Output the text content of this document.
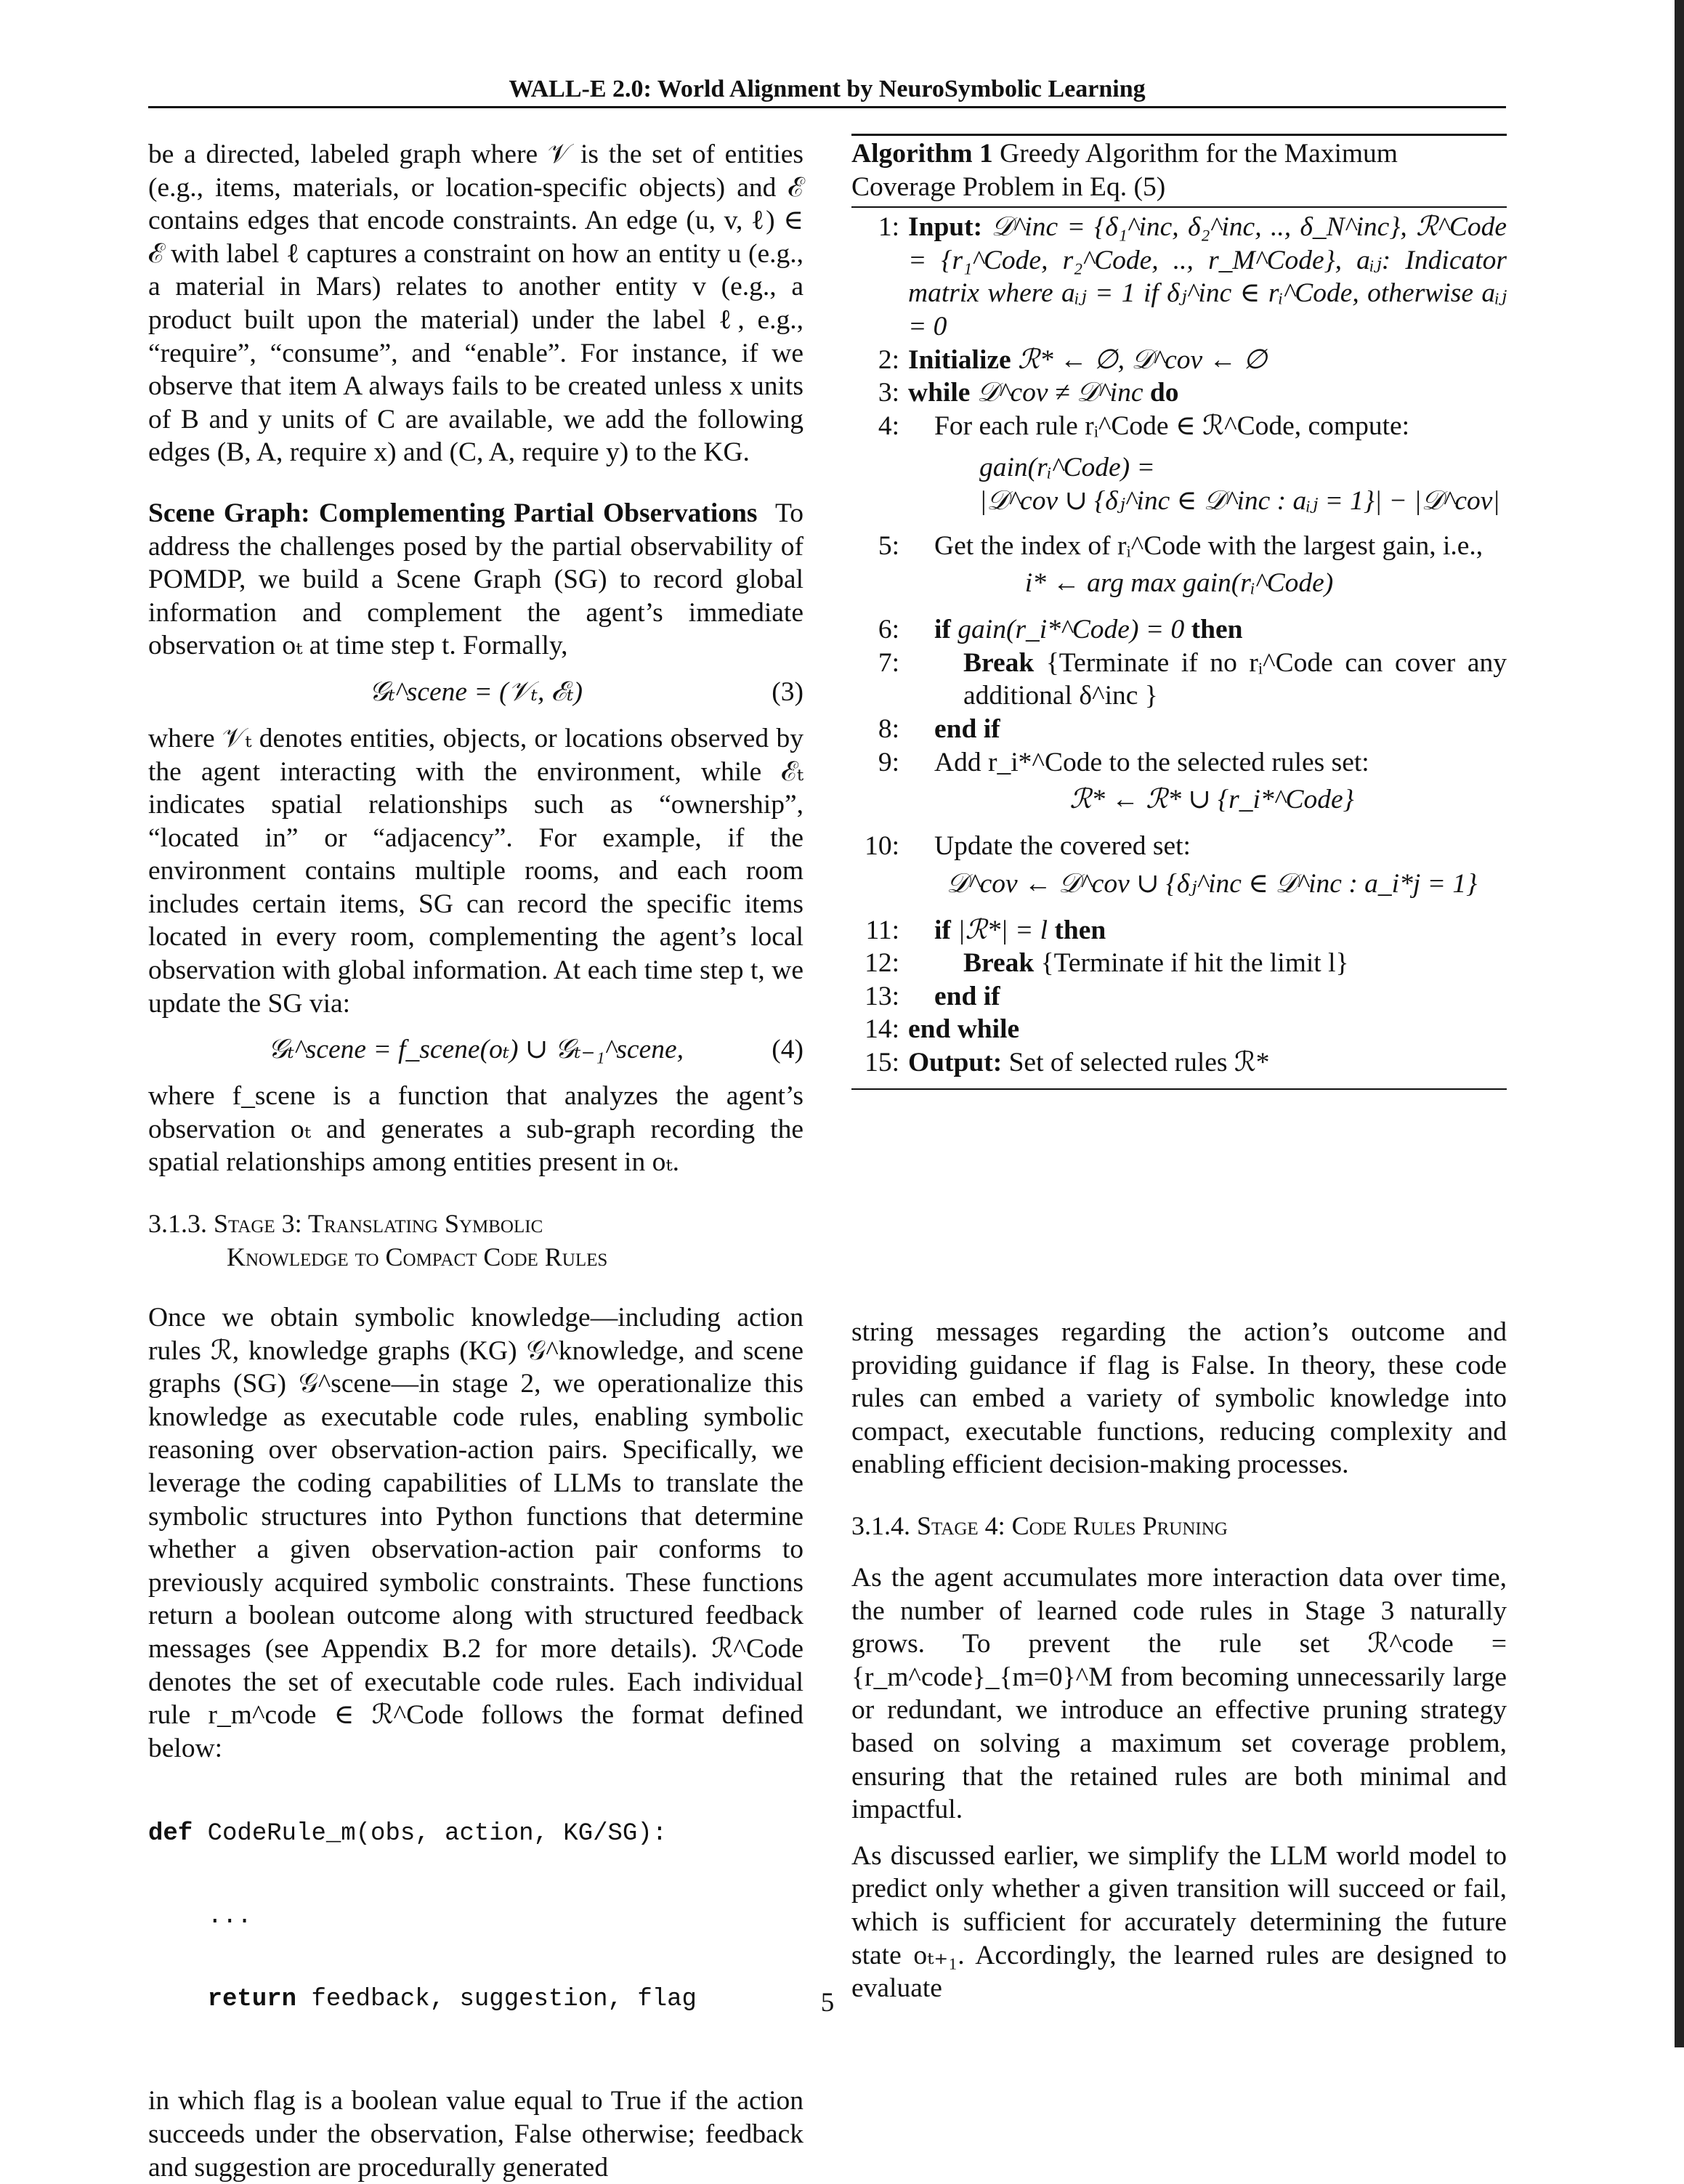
WALL-E 2.0: World Alignment by NeuroSymbolic Learning

be a directed, labeled graph where 𝒱 is the set of entities (e.g., items, materials, or location-specific objects) and ℰ contains edges that encode constraints. An edge (u, v, ℓ) ∈ ℰ with label ℓ captures a constraint on how an entity u (e.g., a material in Mars) relates to another entity v (e.g., a product built upon the material) under the label ℓ, e.g., “require”, “consume”, and “enable”. For instance, if we observe that item A always fails to be created unless x units of B and y units of C are available, we add the following edges (B, A, require x) and (C, A, require y) to the KG.

Scene Graph: Complementing Partial Observations To address the challenges posed by the partial observability of POMDP, we build a Scene Graph (SG) to record global information and complement the agent’s immediate observation oₜ at time step t. Formally,

𝒢ₜ^scene = (𝒱ₜ, ℰₜ)	(3)

where 𝒱ₜ denotes entities, objects, or locations observed by the agent interacting with the environment, while ℰₜ indicates spatial relationships such as “ownership”, “located in” or “adjacency”. For example, if the environment contains multiple rooms, and each room includes certain items, SG can record the specific items located in every room, complementing the agent’s local observation with global information. At each time step t, we update the SG via:

𝒢ₜ^scene = f_scene(oₜ) ∪ 𝒢ₜ₋₁^scene,	(4)

where f_scene is a function that analyzes the agent’s observation oₜ and generates a sub-graph recording the spatial relationships among entities present in oₜ.

3.1.3. Stage 3: Translating Symbolic
Knowledge to Compact Code Rules

Once we obtain symbolic knowledge—including action rules ℛ, knowledge graphs (KG) 𝒢^knowledge, and scene graphs (SG) 𝒢^scene—in stage 2, we operationalize this knowledge as executable code rules, enabling symbolic reasoning over observation-action pairs. Specifically, we leverage the coding capabilities of LLMs to translate the symbolic structures into Python functions that determine whether a given observation-action pair conforms to previously acquired symbolic constraints. These functions return a boolean outcome along with structured feedback messages (see Appendix B.2 for more details). ℛ^Code denotes the set of executable code rules. Each individual rule r_m^code ∈ ℛ^Code follows the format defined below:

def CodeRule_m(obs, action, KG/SG):

...

return feedback, suggestion, flag

in which flag is a boolean value equal to True if the action succeeds under the observation, False otherwise; feedback and suggestion are procedurally generated

Algorithm 1 Greedy Algorithm for the Maximum Coverage Problem in Eq. (5)
1: Input: 𝒟^inc = {δ₁^inc, δ₂^inc, .., δ_N^inc}, ℛ^Code = {r₁^Code, r₂^Code, .., r_M^Code}, aᵢⱼ: Indicator matrix where aᵢⱼ = 1 if δⱼ^inc ∈ rᵢ^Code, otherwise aᵢⱼ = 0
2: Initialize ℛ* ← ∅, 𝒟^cov ← ∅
3: while 𝒟^cov ≠ 𝒟^inc do
4:	For each rule rᵢ^Code ∈ ℛ^Code, compute:
gain(rᵢ^Code) =
|𝒟^cov ∪ {δⱼ^inc ∈ 𝒟^inc : aᵢⱼ = 1}| − |𝒟^cov|
5:	Get the index of rᵢ^Code with the largest gain, i.e.,
i* ← arg max gain(rᵢ^Code)
6:	if gain(r_i*^Code) = 0 then
7:	Break {Terminate if no rᵢ^Code can cover any additional δ^inc }
8:	end if
9:	Add r_i*^Code to the selected rules set:
ℛ* ← ℛ* ∪ {r_i*^Code}
10:	Update the covered set:
𝒟^cov ← 𝒟^cov ∪ {δⱼ^inc ∈ 𝒟^inc : a_i*j = 1}
11:	if |ℛ*| = l then
12:	Break {Terminate if hit the limit l}
13:	end if
14: end while
15: Output: Set of selected rules ℛ*

string messages regarding the action’s outcome and providing guidance if flag is False. In theory, these code rules can embed a variety of symbolic knowledge into compact, executable functions, reducing complexity and enabling efficient decision-making processes.

3.1.4. Stage 4: Code Rules Pruning

As the agent accumulates more interaction data over time, the number of learned code rules in Stage 3 naturally grows. To prevent the rule set ℛ^code = {r_m^code}_{m=0}^M from becoming unnecessarily large or redundant, we introduce an effective pruning strategy based on solving a maximum set coverage problem, ensuring that the retained rules are both minimal and impactful.

As discussed earlier, we simplify the LLM world model to predict only whether a given transition will succeed or fail, which is sufficient for accurately determining the future state oₜ₊₁. Accordingly, the learned rules are designed to evaluate

5
